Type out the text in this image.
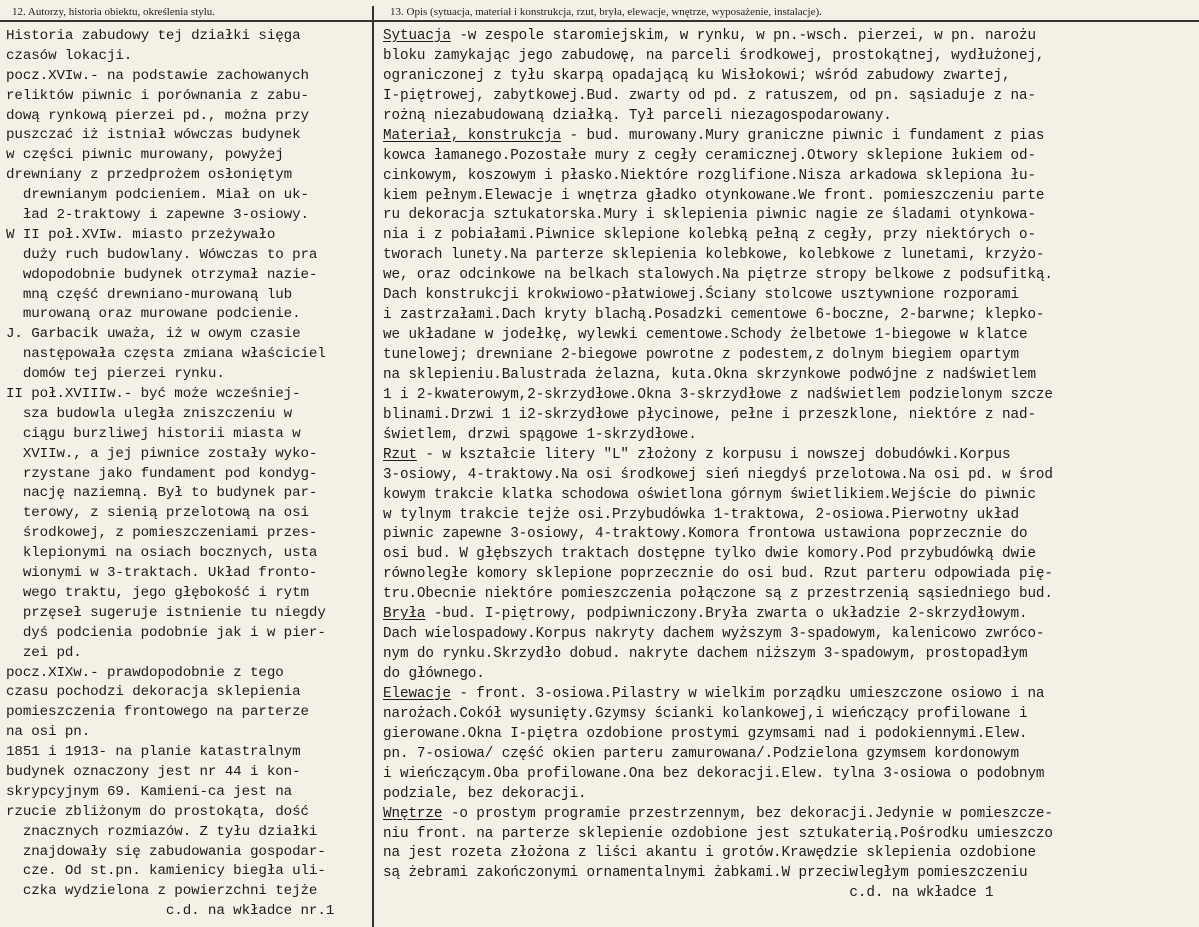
12. Autorzy, historia obiektu, określenia stylu.	13. Opis (sytuacja, materiał i konstrukcja, rzut, bryła, elewacje, wnętrze, wyposażenie, instalacje).
Historia zabudowy tej działki sięga
czasów lokacji.
pocz.XVIw.- na podstawie zachowanych
reliktów piwnic i porównania z zabu-
dową rynkową pierzei pd., można przy
puszczać iż istniał wówczas budynek
w części piwnic murowany, powyżej
drewniany z przedprożem osłoniętym
drewnianym podcieniem. Miał on uk-
ład 2-traktowy i zapewne 3-osiowy.
W II poł.XVIw. miasto przeżywało
duży ruch budowlany. Wówczas to pra
wdopodobnie budynek otrzymał nazie-
mną część drewniano-murowaną lub
murowaną oraz murowane podcienie.
J. Garbacik uważa, iż w owym czasie
następowała częsta zmiana właściciel
domów tej pierzei rynku.
II poł.XVIIIw.- być może wcześniej-
sza budowla uległa zniszczeniu w
ciągu burzliwej historii miasta w
XVIIw., a jej piwnice zostały wyko-
rzystane jako fundament pod kondyg-
nację naziemną. Był to budynek par-
terowy, z sienią przelotową na osi
środkowej, z pomieszczeniami przes-
klepionymi na osiach bocznych, usta
wionymi w 3-traktach. Układ fronto-
wego traktu, jego głębokość i rytm
przęseł sugeruje istnienie tu niegdy
dyś podcienia podobnie jak i w pier-
zei pd.
pocz.XIXw.- prawdopodobnie z tego
czasu pochodzi dekoracja sklepienia
pomieszczenia frontowego na parterze
na osi pn.
1851 i 1913- na planie katastralnym
budynek oznaczony jest nr 44 i kon-
skrypcyjnym 69. Kamieni-ca jest na
rzucie zbliżonym do prostokąta, dość
znacznych rozmiazów. Z tyłu działki
znajdowały się zabudowania gospodar-
cze. Od st.pn. kamienicy biegła uli-
czka wydzielona z powierzchni tejże
c.d. na wkładce nr.1
Sytuacja -w zespole staromiejskim, w rynku, w pn.-wsch. pierzei, w pn. narożu
bloku zamykając jego zabudowę, na parceli środkowej, prostokątnej, wydłużonej,
ograniczonej z tyłu skarpą opadającą ku Wisłokowi; wśród zabudowy zwartej,
I-piętrowej, zabytkowej.Bud. zwarty od pd. z ratuszem, od pn. sąsiaduje z na-
rożną niezabudowaną działką. Tył parceli niezagospodarowany.
Materiał, konstrukcja - bud. murowany.Mury graniczne piwnic i fundament z pias
kowca łamanego.Pozostałe mury z cegły ceramicznej.Otwory sklepione łukiem od-
cinkowym, koszowym i płasko.Niektóre rozglifione.Nisza arkadowa sklepiona łu-
kiem pełnym.Elewacje i wnętrza gładko otynkowane.We front. pomieszczeniu parte
ru dekoracja sztukatorska.Mury i sklepienia piwnic nagie ze śladami otynkowa-
nia i z pobiałami.Piwnice sklepione kolebką pełną z cegły, przy niektórych o-
tworach lunety.Na parterze sklepienia kolebkowe, kolebkowe z lunetami, krzyżo-
we, oraz odcinkowe na belkach stalowych.Na piętrze stropy belkowe z podsufitką.
Dach konstrukcji krokwiowo-płatwiowej.Ściany stolcowe usztywnione rozporami
i zastrzałami.Dach kryty blachą.Posadzki cementowe 6-boczne, 2-barwne; klepko-
we układane w jodełkę, wylewki cementowe.Schody żelbetowe 1-biegowe w klatce
tunelowej; drewniane 2-biegowe powrotne z podestem,z dolnym biegiem opartym
na sklepieniu.Balustrada żelazna, kuta.Okna skrzynkowe podwójne z nadświetlem
1 i 2-kwaterowym,2-skrzydłowe.Okna 3-skrzydłowe z nadświetlem podzielonym szcze
blinami.Drzwi 1 i2-skrzydłowe płycinowe, pełne i przeszklone, niektóre z nad-
świetlem, drzwi spągowe 1-skrzydłowe.
Rzut - w kształcie litery "L" złożony z korpusu i nowszej dobudówki.Korpus
3-osiowy, 4-traktowy.Na osi środkowej sień niegdyś przelotowa.Na osi pd. w środ
kowym trakcie klatka schodowa oświetlona górnym świetlikiem.Wejście do piwnic
w tylnym trakcie tejże osi.Przybudówka 1-traktowa, 2-osiowa.Pierwotny układ
piwnic zapewne 3-osiowy, 4-traktowy.Komora frontowa ustawiona poprzecznie do
osi bud. W głębszych traktach dostępne tylko dwie komory.Pod przybudówką dwie
równoległe komory sklepione poprzecznie do osi bud. Rzut parteru odpowiada pię-
tru.Obecnie niektóre pomieszczenia połączone są z przestrzenią sąsiedniego bud.
Bryła -bud. I-piętrowy, podpiwniczony.Bryła zwarta o układzie 2-skrzydłowym.
Dach wielospadowy.Korpus nakryty dachem wyższym 3-spadowym, kalenicowo zwróco-
nym do rynku.Skrzydło dobud. nakryte dachem niższym 3-spadowym, prostopadłym
do głównego.
Elewacje - front. 3-osiowa.Pilastry w wielkim porządku umieszczone osiowo i na
narożach.Cokół wysunięty.Gzymsy ścianki kolankowej,i wieńczący profilowane i
gierowane.Okna I-piętra ozdobione prostymi gzymsami nad i podokiennymi.Elew.
pn. 7-osiowa/ część okien parteru zamurowana/.Podzielona gzymsem kordonowym
i wieńczącym.Oba profilowane.Ona bez dekoracji.Elew. tylna 3-osiowa o podobnym
podziale, bez dekoracji.
Wnętrze -o prostym programie przestrzennym, bez dekoracji.Jedynie w pomieszcze-
niu front. na parterze sklepienie ozdobione jest sztukaterią.Pośrodku umieszczo
na jest rozeta złożona z liści akantu i grotów.Krawędzie sklepienia ozdobione
są żebrami zakończonymi ornamentalnymi żabkami.W przeciwległym pomieszczeniu
c.d. na wkładce 1
